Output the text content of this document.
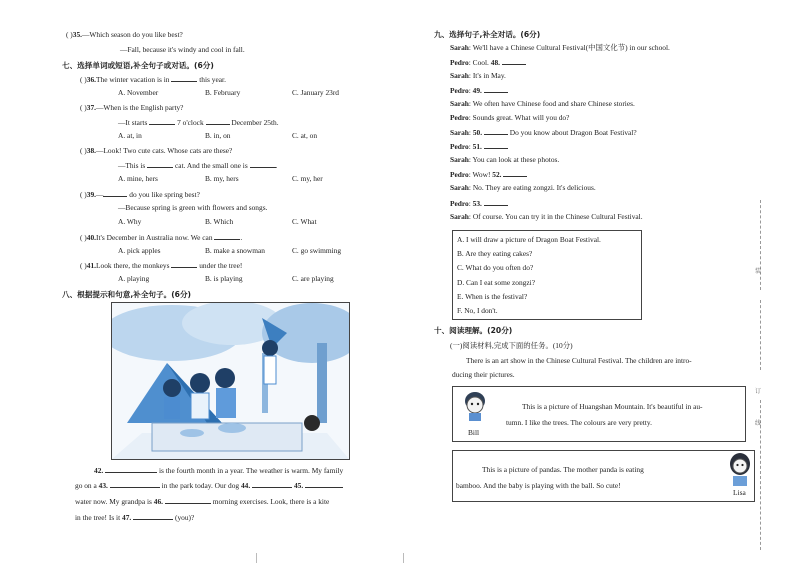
( )35.—Which season do you like best?
—Fall, because it's windy and cool in fall.
七、选择单词或短语,补全句子或对话。(6分)
( )36.The winter vacation is in	this year.
A. November	B. February	C. January 23rd
( )37.—When is the English party?
—It starts	7 o'clock	December 25th.
A. at, in	B. in, on	C. at, on
( )38.—Look! Two cute cats. Whose cats are these?
—This is	cat. And the small one is	.
A. mine, hers	B. my, hers	C. my, her
( )39.—	do you like spring best?
—Because spring is green with flowers and songs.
A. Why	B. Which	C. What
( )40.It's December in Australia now. We can	.
A. pick apples	B. make a snowman	C. go swimming
( )41.Look there, the monkeys	under the tree!
A. playing	B. is playing	C. are playing
八、根据提示和句意,补全句子。(6分)
42.	is the fourth month in a year. The weather is warm. My family
go on a 43.	in the park today. Our dog 44.	45.
water now. My grandpa is 46.	morning exercises. Look, there is a kite
in the tree! Is it 47.	(you)?
九、选择句子,补全对话。(6分)
Sarah: We'll have a Chinese Cultural Festival(中国文化节) in our school.
Pedro: Cool. 48.
Sarah: It's in May.
Pedro: 49.
Sarah: We often have Chinese food and share Chinese stories.
Pedro: Sounds great. What will you do?
Sarah: 50.	Do you know about Dragon Boat Festival?
Pedro: 51.
Sarah: You can look at these photos.
Pedro: Wow! 52.
Sarah: No. They are eating zongzi. It's delicious.
Pedro: 53.
Sarah: Of course. You can try it in the Chinese Cultural Festival.
A. I will draw a picture of Dragon Boat Festival.
B. Are they eating cakes?
C. What do you often do?
D. Can I eat some zongzi?
E. When is the festival?
F. No, I don't.
十、阅读理解。(20分)
(一)阅读材料,完成下面的任务。(10分)
There is an art show in the Chinese Cultural Festival. The children are intro-
ducing their pictures.
Bill
This is a picture of Huangshan Mountain. It's beautiful in au-
tumn. I like the trees. The colours are very pretty.
This is a picture of pandas. The mother panda is eating
bamboo. And the baby is playing with the ball. So cute!
Lisa
装
订
线
